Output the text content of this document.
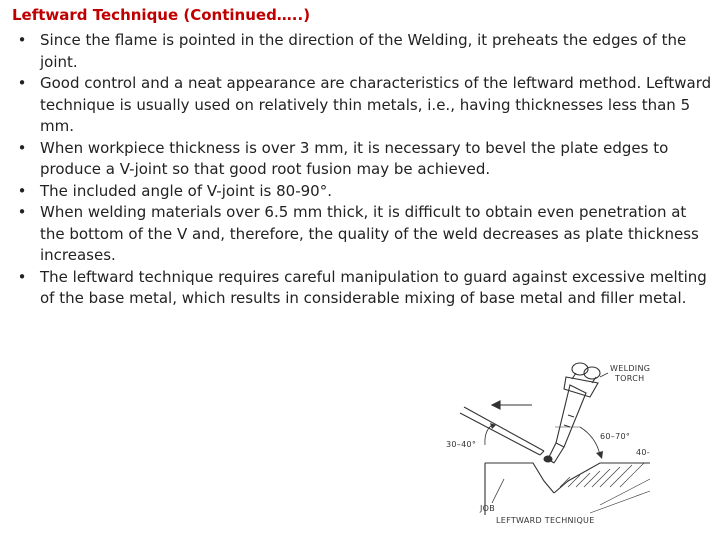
Leftward Technique (Continued…..)
• Since the flame is pointed in the direction of the Welding, it preheats the edges of the joint.
• Good control and a neat appearance are characteristics of the leftward method. Leftward technique is usually used on relatively thin metals, i.e., having thicknesses less than 5 mm.
• When workpiece thickness is over 3 mm, it is necessary to bevel the plate edges to produce a V-joint so that good root fusion may be achieved.
• The included angle of V-joint is 80-90°.
• When welding materials over 6.5 mm thick, it is difficult to obtain even penetration at the bottom of the V and, therefore, the quality of the weld decreases as plate thickness increases.
• The leftward technique requires careful manipulation to guard against excessive melting of the base metal, which results in considerable mixing of base metal and filler metal.
WELDING
TORCH
30–40°
60–70°
40-
JOB
LEFTWARD TECHNIQUE
